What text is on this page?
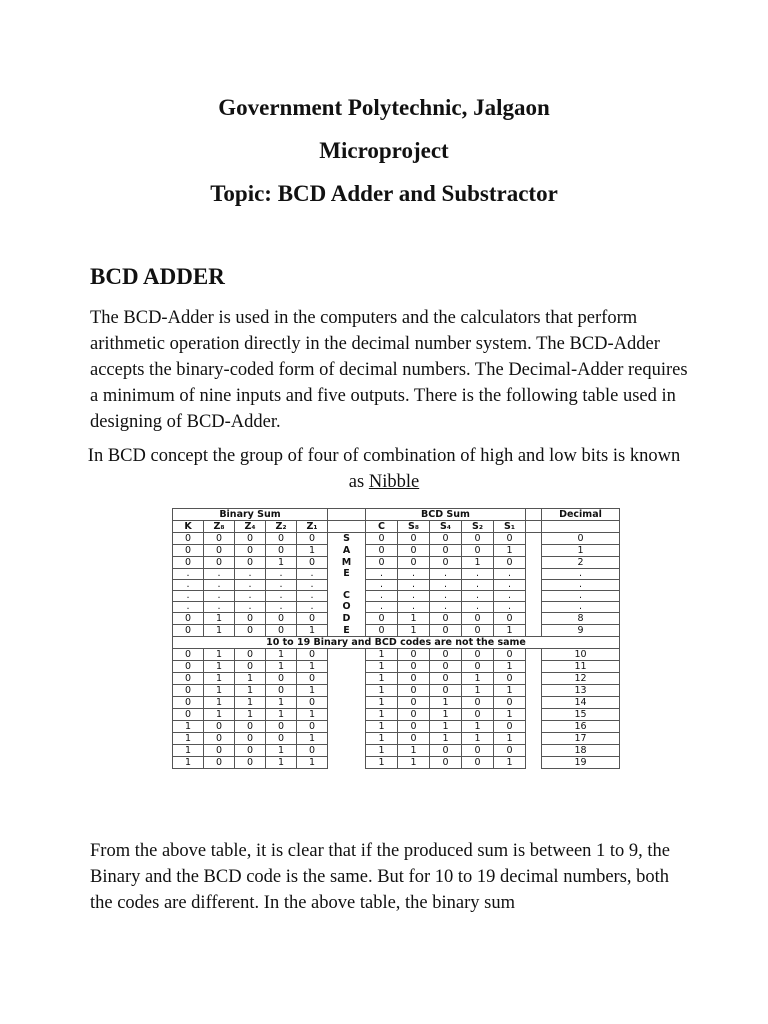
Government Polytechnic, Jalgaon
Microproject
Topic: BCD Adder and Substractor
BCD ADDER

The BCD-Adder is used in the computers and the calculators that perform arithmetic operation directly in the decimal number system. The BCD-Adder accepts the binary-coded form of decimal numbers. The Decimal-Adder requires a minimum of nine inputs and five outputs. There is the following table used in designing of BCD-Adder.

In BCD concept the group of four of combination of high and low bits is known as Nibble

Binary Sum						BCD Sum						Decimal
K	Z₈	Z₄	Z₂	Z₁		C	S₈	S₄	S₂	S₁		
0	0	0	0	0	S	0	0	0	0	0		0
0	0	0	0	1	A	0	0	0	0	1		1
0	0	0	1	0	M	0	0	0	1	0		2
.	.	.	.	.	E	.	.	.	.	.		.
.	.	.	.	.		.	.	.	.	.		.
.	.	.	.	.	C	.	.	.	.	.		.
.	.	.	.	.	O	.	.	.	.	.		.
0	1	0	0	0	D	0	1	0	0	0		8
0	1	0	0	1	E	0	1	0	0	1		9
10 to 19 Binary and BCD codes are not the same												
0	1	0	1	0		1	0	0	0	0		10
0	1	0	1	1		1	0	0	0	1		11
0	1	1	0	0		1	0	0	1	0		12
0	1	1	0	1		1	0	0	1	1		13
0	1	1	1	0		1	0	1	0	0		14
0	1	1	1	1		1	0	1	0	1		15
1	0	0	0	0		1	0	1	1	0		16
1	0	0	0	1		1	0	1	1	1		17
1	0	0	1	0		1	1	0	0	0		18
1	0	0	1	1		1	1	0	0	1		19

From the above table, it is clear that if the produced sum is between 1 to 9, the Binary and the BCD code is the same. But for 10 to 19 decimal numbers, both the codes are different. In the above table, the binary sum
